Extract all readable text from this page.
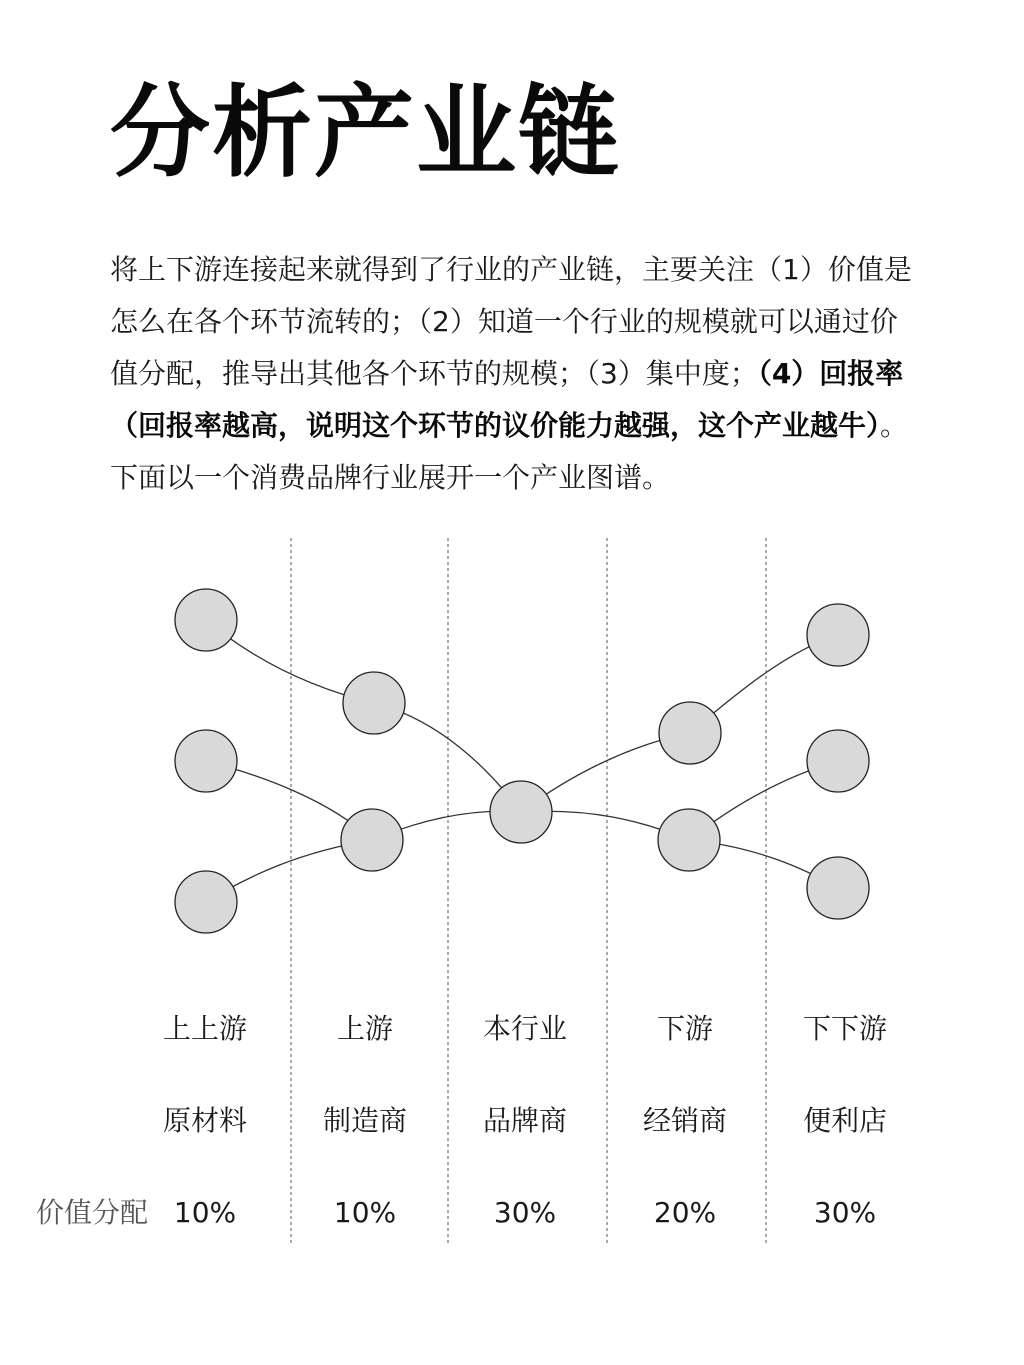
分析产业链
将上下游连接起来就得到了行业的产业链，主要关注（1）价值是怎么在各个环节流转的；（2）知道一个行业的规模就可以通过价值分配，推导出其他各个环节的规模；（3）集中度；（4）回报率（回报率越高，说明这个环节的议价能力越强，这个产业越牛）。下面以一个消费品牌行业展开一个产业图谱。
上上游	上游	本行业	下游	下下游
原材料	制造商	品牌商	经销商	便利店
价值分配 10%	10%	30%	20%	30%
